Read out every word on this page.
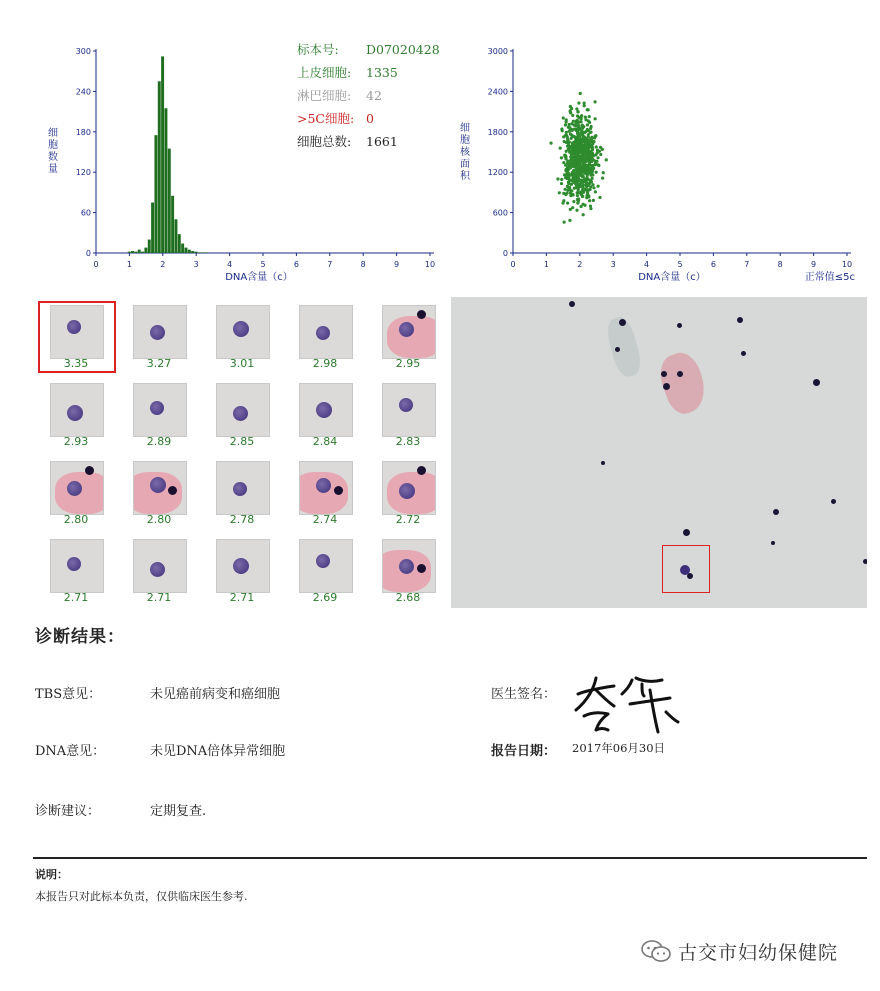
0	1	2	3	4	5	6	7	8	9	10
0
60
120
180
240
300
DNA含量（c）
细
胞
数
量
标本号:	D07020428
上皮细胞:	1335
淋巴细胞:	42
>5C细胞: 0
细胞总数:	1661
0	1	2	3	4	5	6	7	8	9	10
0
600
1200
1800
2400
3000
DNA含量（c）	正常值≤5c
细
胞
核
面
积
3.35	3.27	3.01	2.98	2.95
2.93	2.89	2.85	2.84	2.83
2.80	2.80	2.78	2.74	2.72
2.71	2.71	2.71	2.69	2.68
诊断结果：
TBS意见：	未见癌前病变和癌细胞
DNA意见：	未见DNA倍体异常细胞
诊断建议：	定期复查.
医生签名：
报告日期： 2017年06月30日
说明：
本报告只对此标本负责，仅供临床医生参考.
古交市妇幼保健院
